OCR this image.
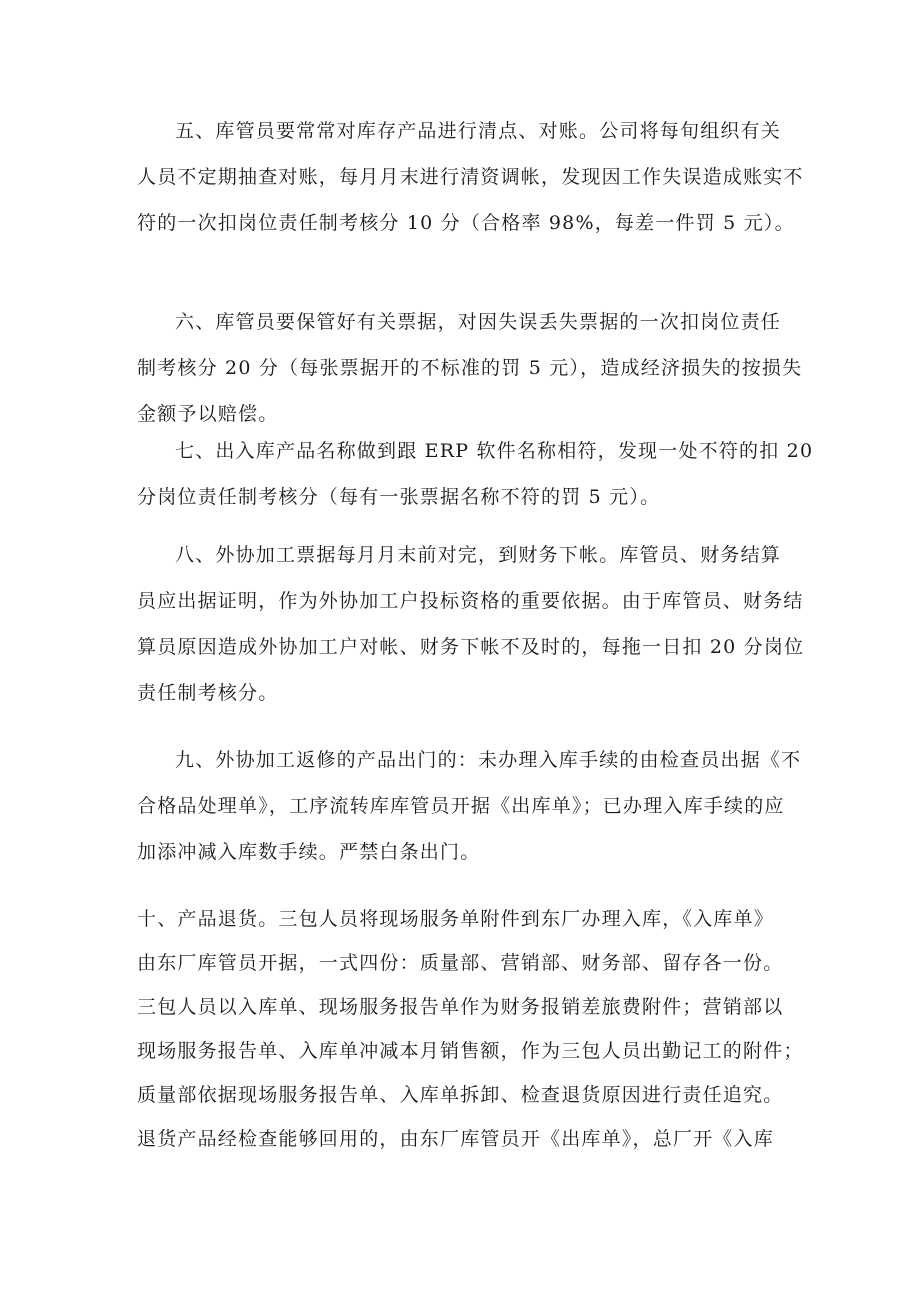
五、库管员要常常对库存产品进行清点、对账。公司将每旬组织有关
人员不定期抽查对账，每月月末进行清资调帐，发现因工作失误造成账实不
符的一次扣岗位责任制考核分 10 分（合格率 98%，每差一件罚 5 元）。

六、库管员要保管好有关票据，对因失误丢失票据的一次扣岗位责任
制考核分 20 分（每张票据开的不标准的罚 5 元），造成经济损失的按损失
金额予以赔偿。

七、出入库产品名称做到跟 ERP 软件名称相符，发现一处不符的扣 20
分岗位责任制考核分（每有一张票据名称不符的罚 5 元）。

八、外协加工票据每月月末前对完，到财务下帐。库管员、财务结算
员应出据证明，作为外协加工户投标资格的重要依据。由于库管员、财务结
算员原因造成外协加工户对帐、财务下帐不及时的，每拖一日扣 20 分岗位
责任制考核分。

九、外协加工返修的产品出门的：未办理入库手续的由检查员出据《不
合格品处理单》，工序流转库库管员开据《出库单》；已办理入库手续的应
加添冲减入库数手续。严禁白条出门。

十、产品退货。三包人员将现场服务单附件到东厂办理入库，《入库单》
由东厂库管员开据，一式四份：质量部、营销部、财务部、留存各一份。
三包人员以入库单、现场服务报告单作为财务报销差旅费附件；营销部以
现场服务报告单、入库单冲减本月销售额，作为三包人员出勤记工的附件；
质量部依据现场服务报告单、入库单拆卸、检查退货原因进行责任追究。
退货产品经检查能够回用的，由东厂库管员开《出库单》，总厂开《入库
